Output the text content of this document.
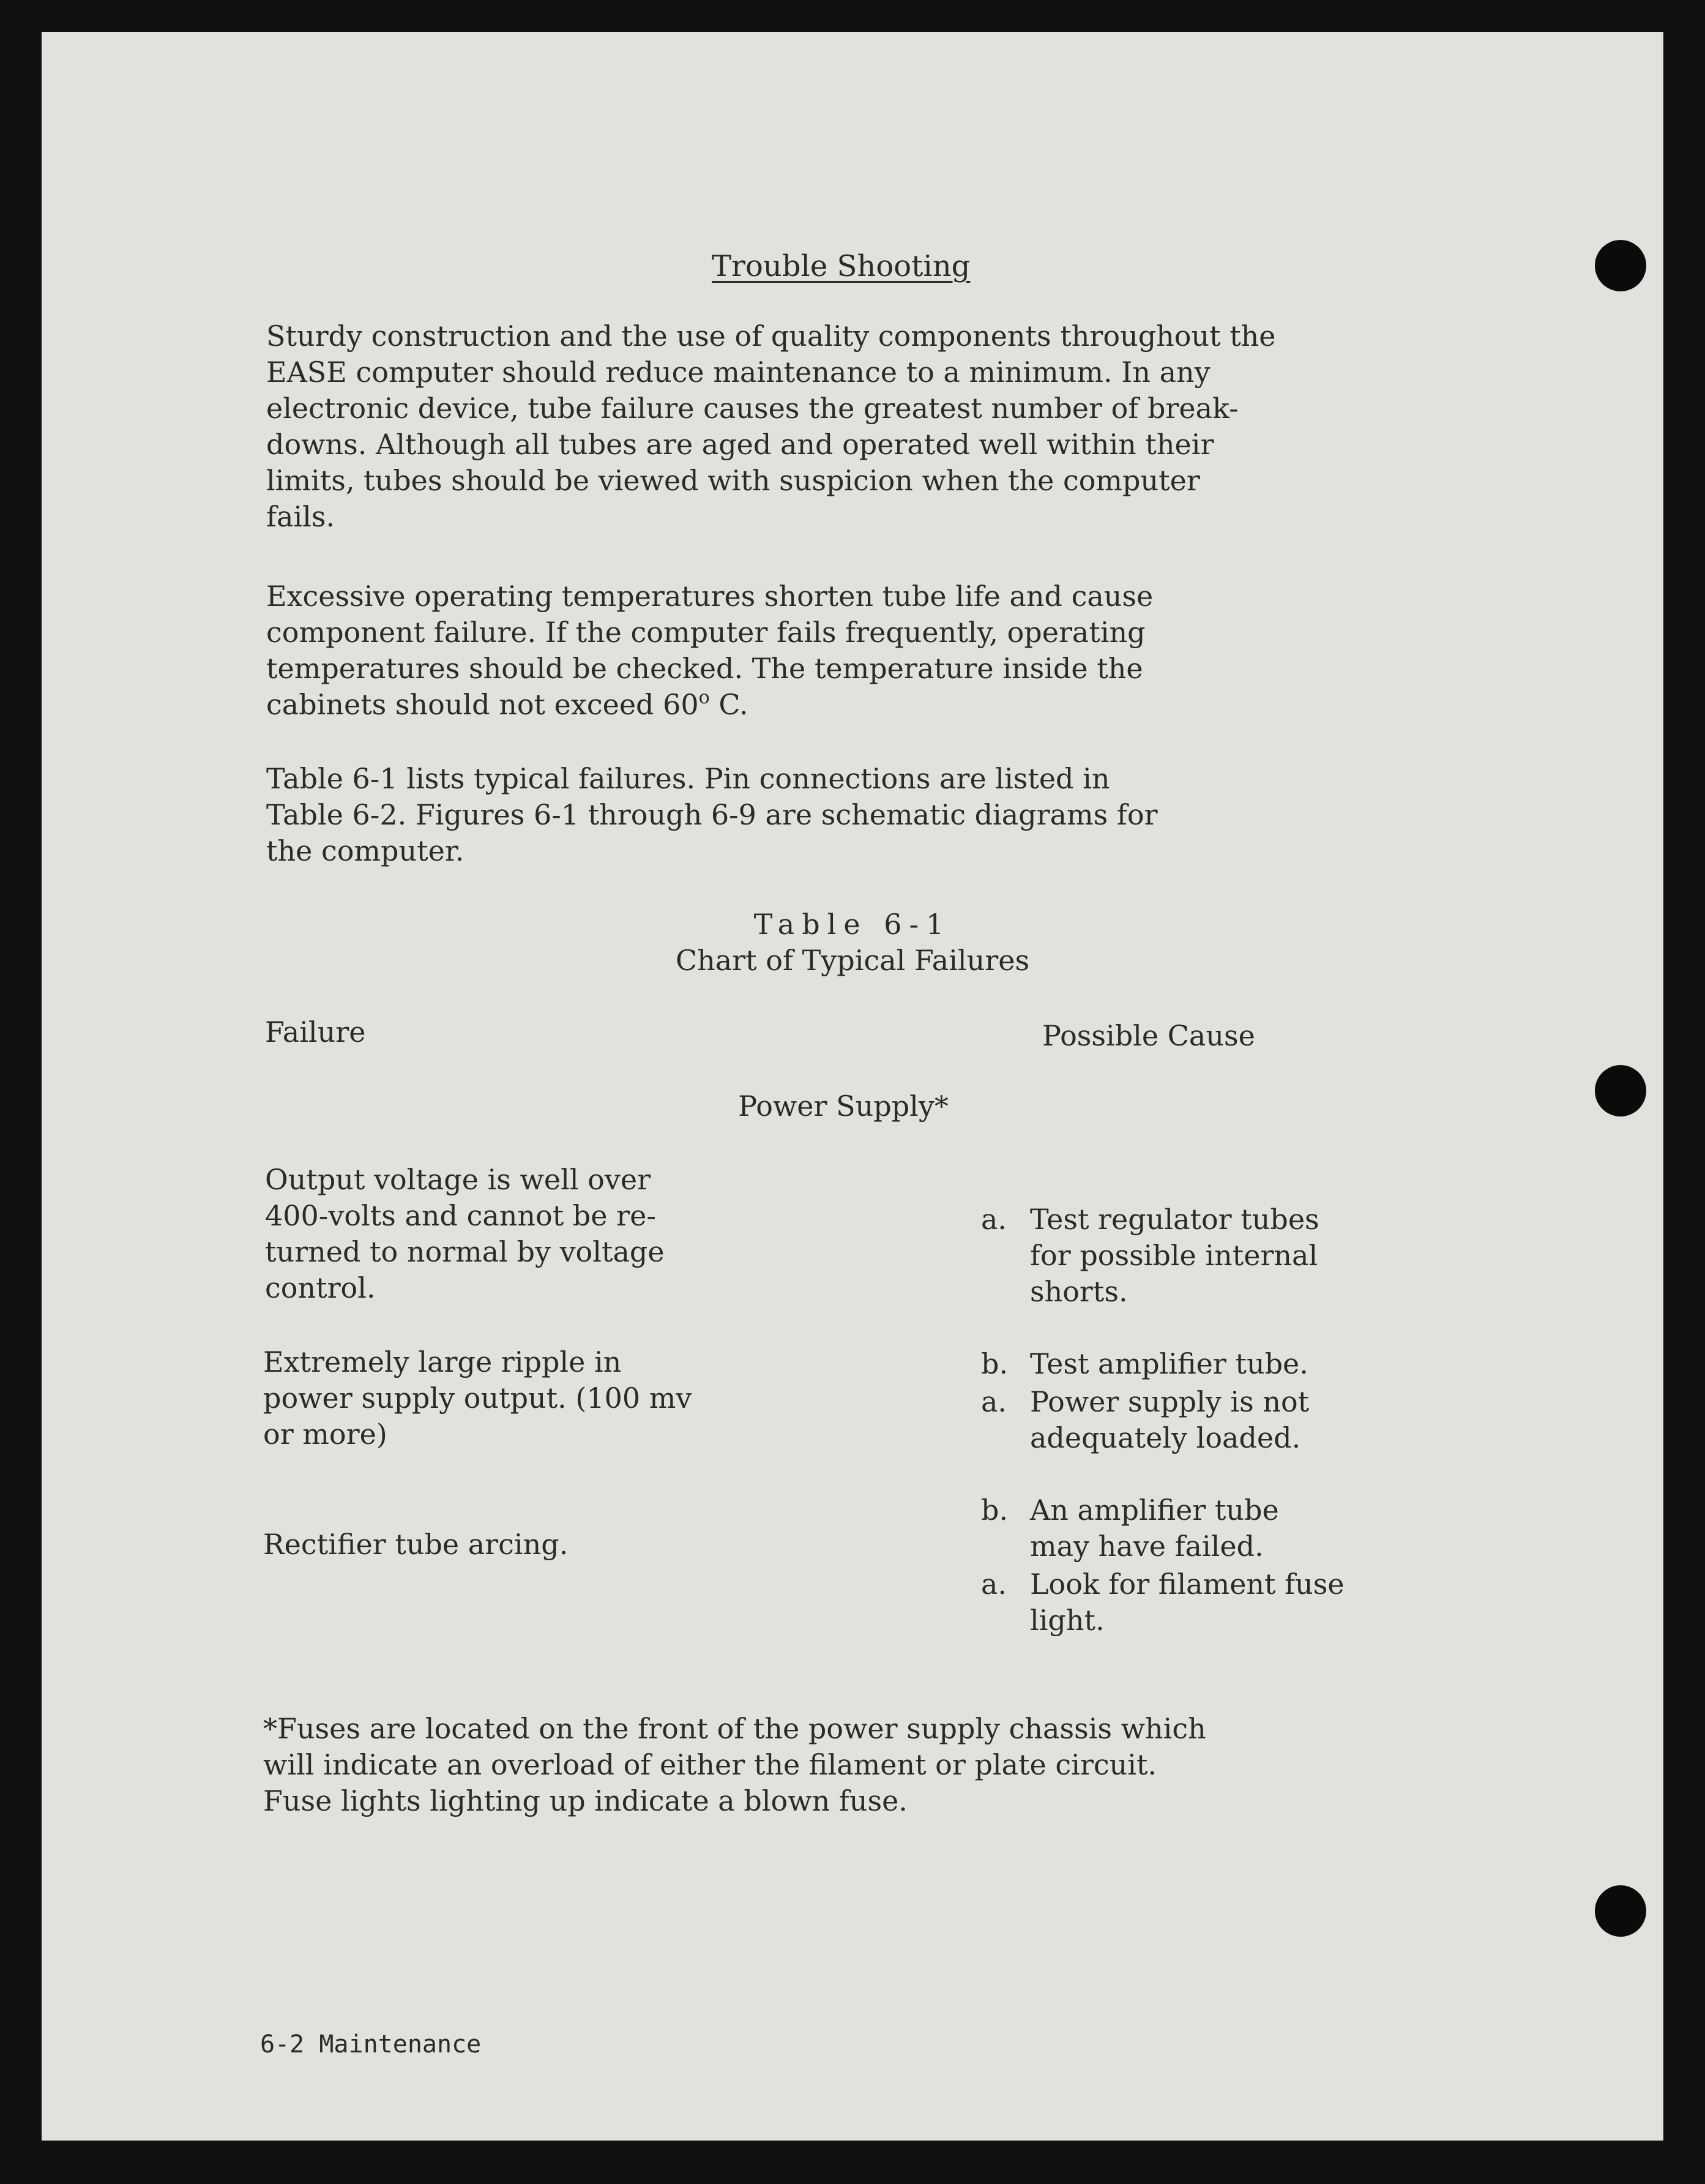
Trouble Shooting
Sturdy construction and the use of quality components throughout the
EASE computer should reduce maintenance to a minimum. In any
electronic device, tube failure causes the greatest number of break-
downs. Although all tubes are aged and operated well within their
limits, tubes should be viewed with suspicion when the computer
fails.
Excessive operating temperatures shorten tube life and cause
component failure. If the computer fails frequently, operating
temperatures should be checked. The temperature inside the
cabinets should not exceed 60$^o$ C.
Table 6-1 lists typical failures. Pin connections are listed in
Table 6-2. Figures 6-1 through 6-9 are schematic diagrams for
the computer.
Table 6-1
Chart of Typical Failures
Failure	Possible Cause
Power Supply*
Output voltage is well over
400-volts and cannot be re-
turned to normal by voltage
control.

a. Test regulator tubes
for possible internal
shorts.

b. Test amplifier tube.

Extremely large ripple in
power supply output. (100 mv
or more)

a. Power supply is not
adequately loaded.

b. An amplifier tube
may have failed.

Rectifier tube arcing.

a. Look for filament fuse
light.

*Fuses are located on the front of the power supply chassis which
will indicate an overload of either the filament or plate circuit.
Fuse lights lighting up indicate a blown fuse.
6-2 Maintenance
